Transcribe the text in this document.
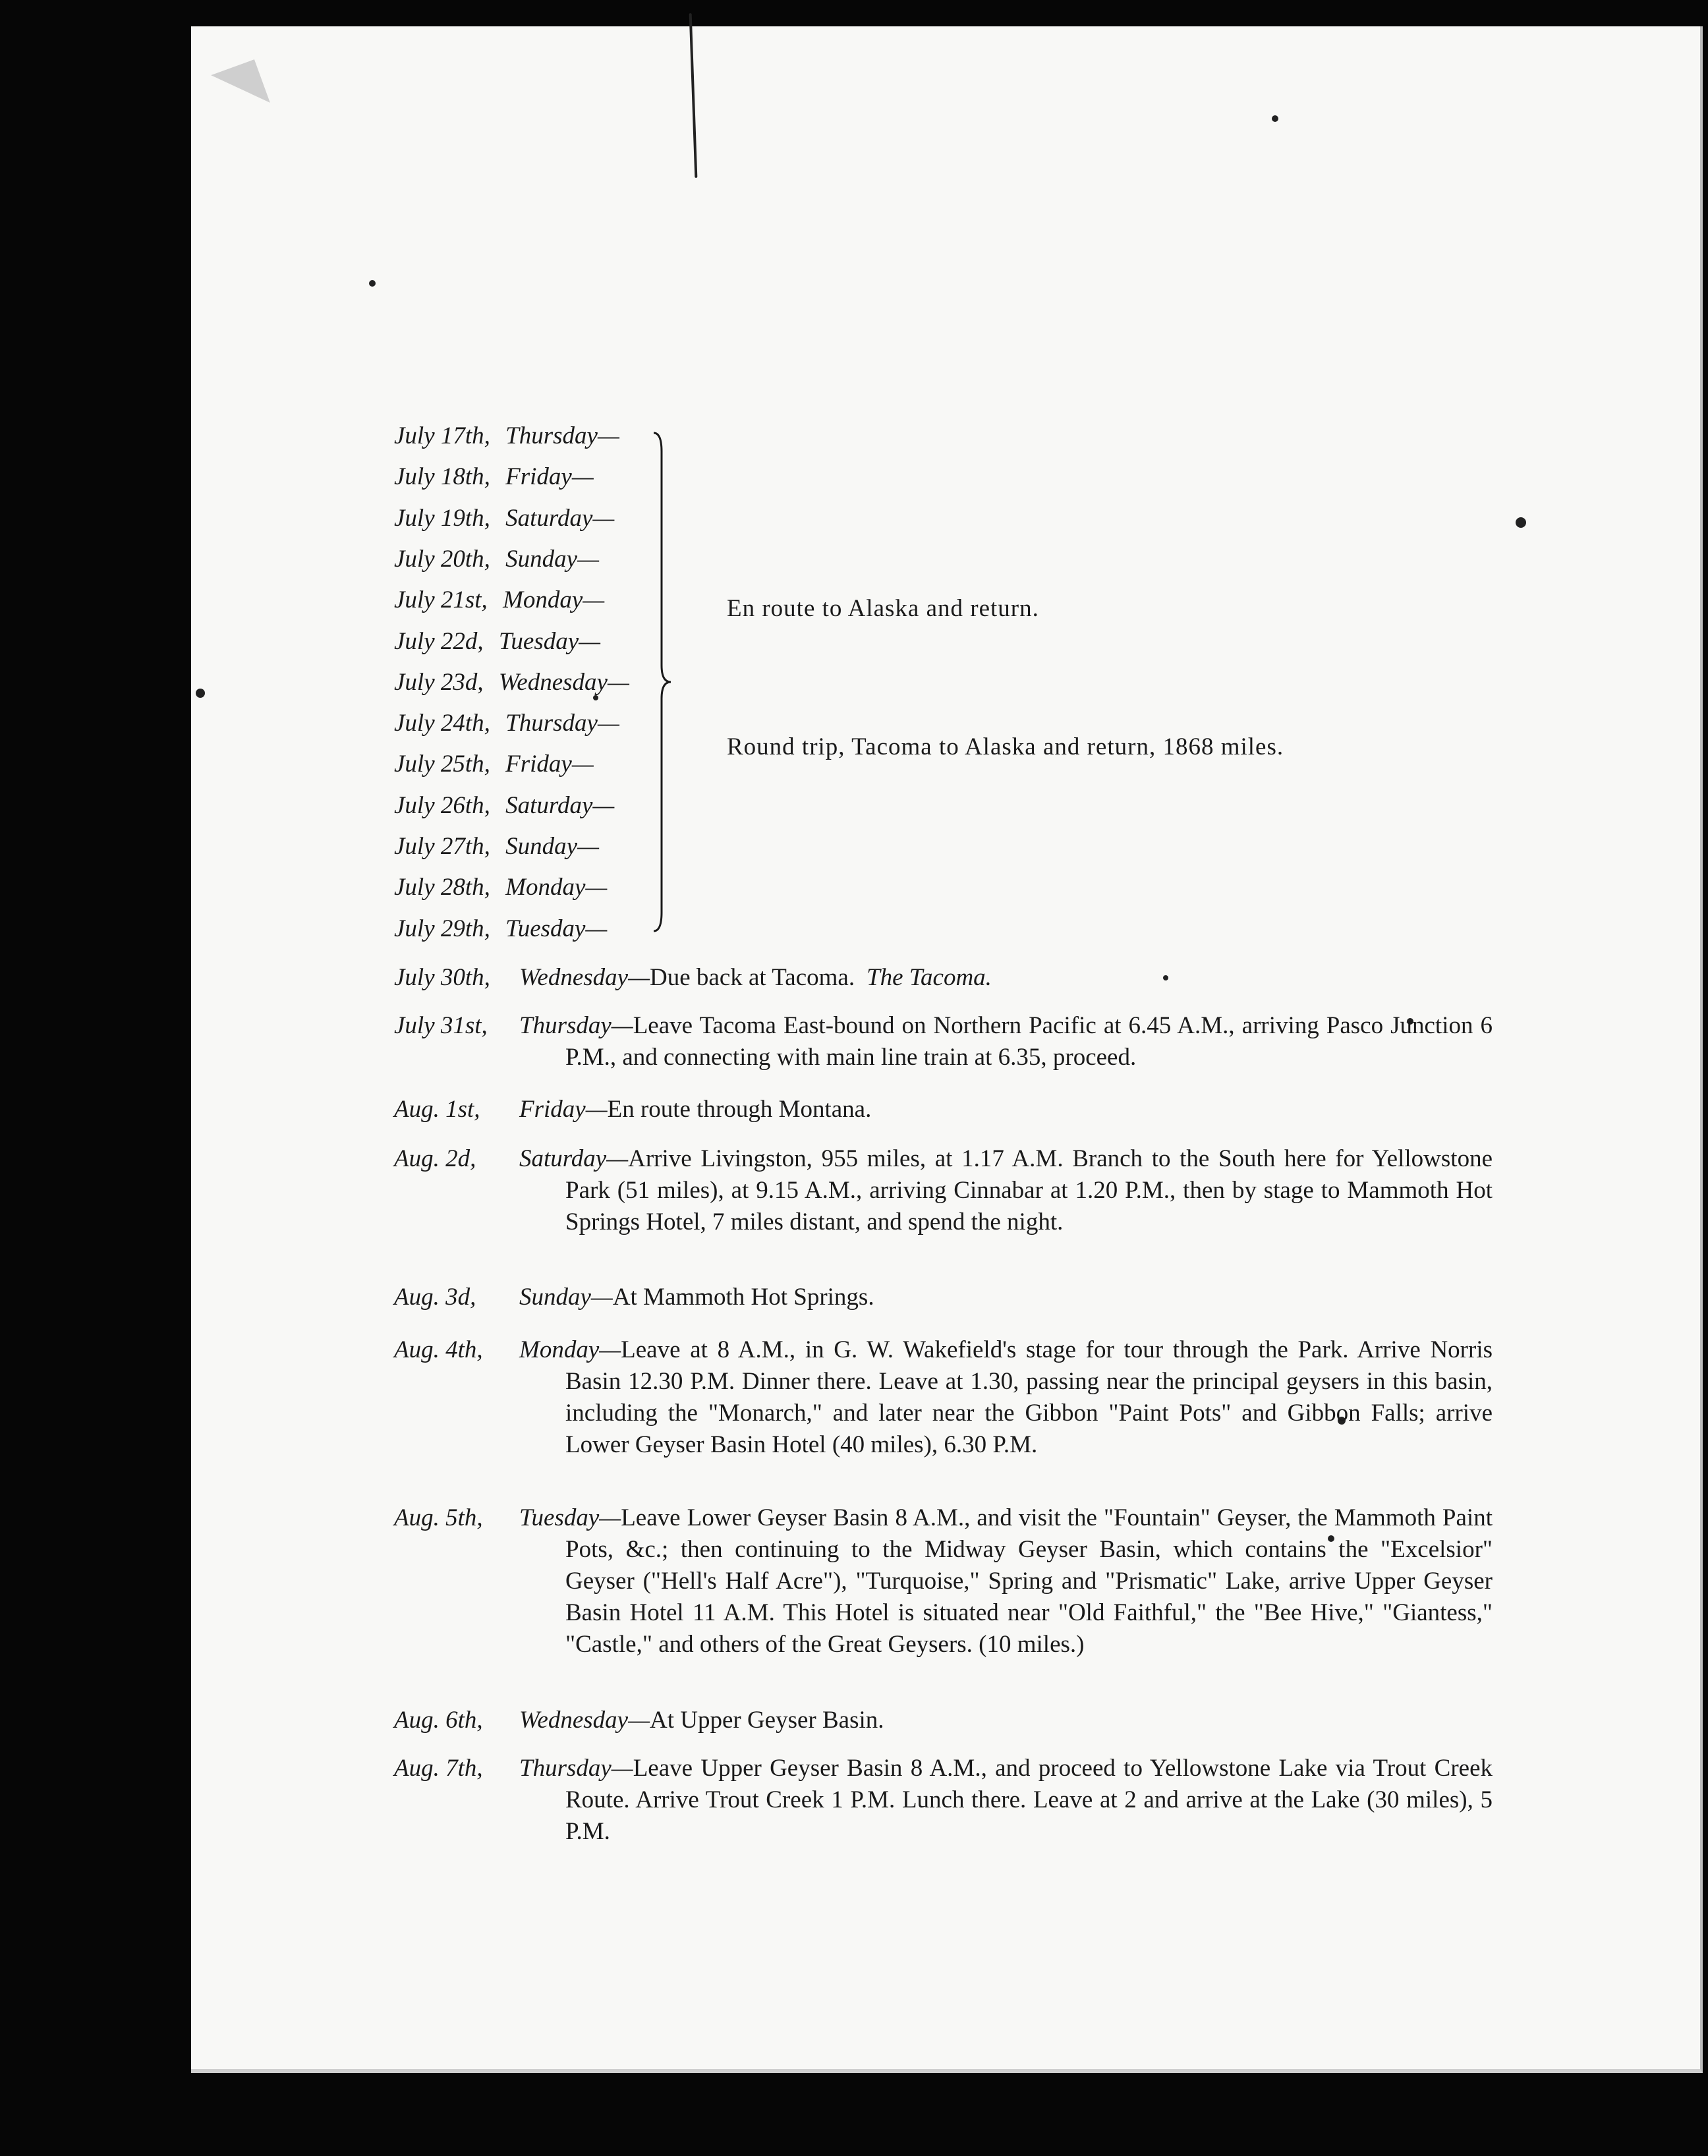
July 17th, Thursday—
July 18th, Friday—
July 19th, Saturday—
July 20th, Sunday—
July 21st, Monday—
July 22d, Tuesday—
July 23d, Wednesday—
July 24th, Thursday—
July 25th, Friday—
July 26th, Saturday—
July 27th, Sunday—
July 28th, Monday—
July 29th, Tuesday—
En route to Alaska and return.
Round trip, Tacoma to Alaska and return, 1868 miles.
July 30th, Wednesday—Due back at Tacoma. The Tacoma.
July 31st, Thursday—Leave Tacoma East-bound on Northern Pacific at 6.45 A.M., arriving Pasco Junction 6 P.M., and connecting with main line train at 6.35, proceed.
Aug. 1st, Friday—En route through Montana.
Aug. 2d, Saturday—Arrive Livingston, 955 miles, at 1.17 A.M. Branch to the South here for Yellowstone Park (51 miles), at 9.15 A.M., arriving Cinnabar at 1.20 P.M., then by stage to Mammoth Hot Springs Hotel, 7 miles distant, and spend the night.
Aug. 3d, Sunday—At Mammoth Hot Springs.
Aug. 4th, Monday—Leave at 8 A.M., in G. W. Wakefield's stage for tour through the Park. Arrive Norris Basin 12.30 P.M. Dinner there. Leave at 1.30, passing near the principal geysers in this basin, including the "Monarch," and later near the Gibbon "Paint Pots" and Gibbon Falls; arrive Lower Geyser Basin Hotel (40 miles), 6.30 P.M.
Aug. 5th, Tuesday—Leave Lower Geyser Basin 8 A.M., and visit the "Fountain" Geyser, the Mammoth Paint Pots, &c.; then continuing to the Midway Geyser Basin, which contains the "Excelsior" Geyser ("Hell's Half Acre"), "Turquoise," Spring and "Prismatic" Lake, arrive Upper Geyser Basin Hotel 11 A.M. This Hotel is situated near "Old Faithful," the "Bee Hive," "Giantess," "Castle," and others of the Great Geysers. (10 miles.)
Aug. 6th, Wednesday—At Upper Geyser Basin.
Aug. 7th, Thursday—Leave Upper Geyser Basin 8 A.M., and proceed to Yellowstone Lake via Trout Creek Route. Arrive Trout Creek 1 P.M. Lunch there. Leave at 2 and arrive at the Lake (30 miles), 5 P.M.
